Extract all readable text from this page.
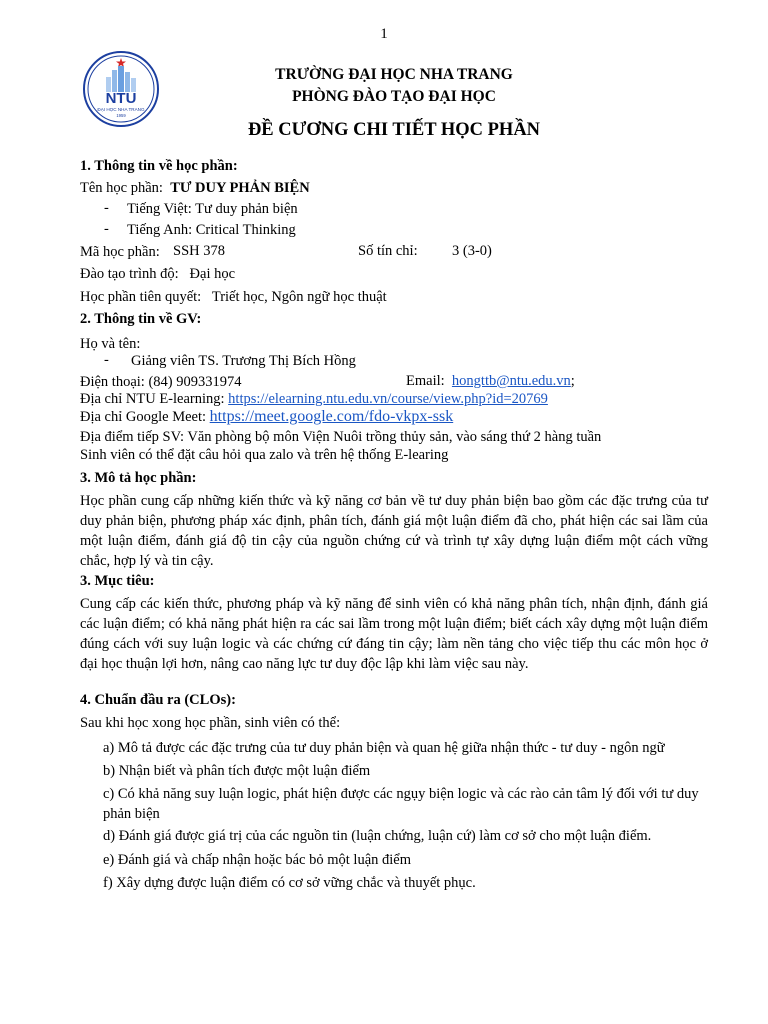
1
NTU
ĐẠI HỌC NHA TRANG
1959
TRƯỜNG ĐẠI HỌC NHA TRANG
PHÒNG ĐÀO TẠO ĐẠI HỌC
ĐỀ CƯƠNG CHI TIẾT HỌC PHẦN
1. Thông tin về học phần:
Tên học phần: TƯ DUY PHẢN BIỆN
- Tiếng Việt: Tư duy phản biện
- Tiếng Anh: Critical Thinking
Mã học phần: SSH 378	Số tín chỉ: 3 (3-0)
Đào tạo trình độ: Đại học
Học phần tiên quyết: Triết học, Ngôn ngữ học thuật
2. Thông tin về GV:
Họ và tên:
- Giảng viên TS. Trương Thị Bích Hồng
Điện thoại: (84) 909331974	Email: hongttb@ntu.edu.vn;
Địa chỉ NTU E-learning: https://elearning.ntu.edu.vn/course/view.php?id=20769
Địa chỉ Google Meet: https://meet.google.com/fdo-vkpx-ssk
Địa điểm tiếp SV: Văn phòng bộ môn Viện Nuôi trồng thủy sản, vào sáng thứ 2 hàng tuần
Sinh viên có thể đặt câu hỏi qua zalo và trên hệ thống E-learing
3. Mô tả học phần:
Học phần cung cấp những kiến thức và kỹ năng cơ bản về tư duy phản biện bao gồm các đặc trưng của tư duy phản biện, phương pháp xác định, phân tích, đánh giá một luận điểm đã cho, phát hiện các sai lầm của một luận điểm, đánh giá độ tin cậy của nguồn chứng cứ và trình tự xây dựng luận điểm một cách vững chắc, hợp lý và tin cậy.
3. Mục tiêu:
Cung cấp các kiến thức, phương pháp và kỹ năng để sinh viên có khả năng phân tích, nhận định, đánh giá các luận điểm; có khả năng phát hiện ra các sai lầm trong một luận điểm; biết cách xây dựng một luận điểm đúng cách với suy luận logic và các chứng cứ đáng tin cậy; làm nền tảng cho việc tiếp thu các môn học ở đại học thuận lợi hơn, nâng cao năng lực tư duy độc lập khi làm việc sau này.
4. Chuẩn đầu ra (CLOs):
Sau khi học xong học phần, sinh viên có thể:
a) Mô tả được các đặc trưng của tư duy phản biện và quan hệ giữa nhận thức - tư duy - ngôn ngữ
b) Nhận biết và phân tích được một luận điểm
c) Có khả năng suy luận logic, phát hiện được các ngụy biện logic và các rào cản tâm lý đối với tư duy phản biện
d) Đánh giá được giá trị của các nguồn tin (luận chứng, luận cứ) làm cơ sở cho một luận điểm.
e) Đánh giá và chấp nhận hoặc bác bỏ một luận điểm
f) Xây dựng được luận điểm có cơ sở vững chắc và thuyết phục.
